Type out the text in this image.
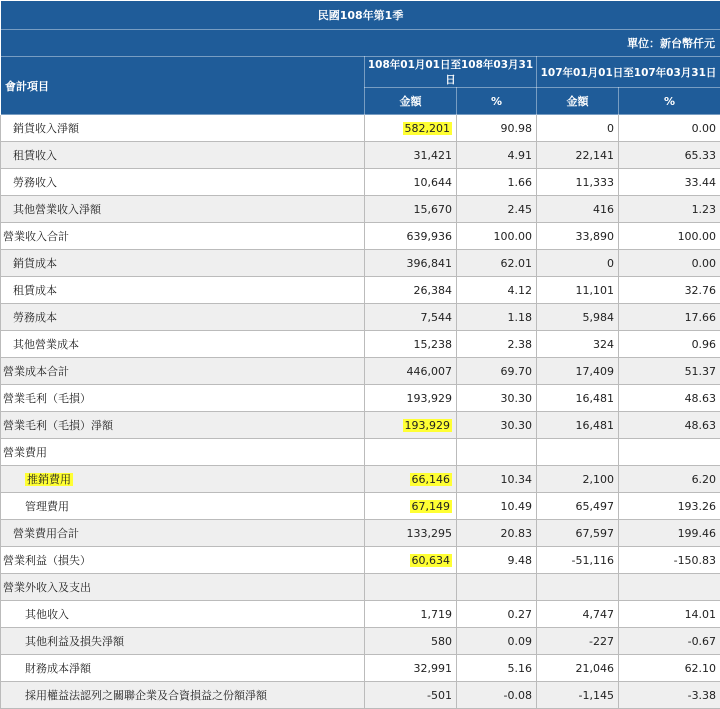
民國108年第1季				
單位：新台幣仟元				
會計項目	108年01月01日至108年03月31日		107年01月01日至107年03月31日	
	金額	%	金額	%
銷貨收入淨額	582,201	90.98	0	0.00
租賃收入	31,421	4.91	22,141	65.33
勞務收入	10,644	1.66	11,333	33.44
其他營業收入淨額	15,670	2.45	416	1.23
營業收入合計	639,936	100.00	33,890	100.00
銷貨成本	396,841	62.01	0	0.00
租賃成本	26,384	4.12	11,101	32.76
勞務成本	7,544	1.18	5,984	17.66
其他營業成本	15,238	2.38	324	0.96
營業成本合計	446,007	69.70	17,409	51.37
營業毛利（毛損）	193,929	30.30	16,481	48.63
營業毛利（毛損）淨額	193,929	30.30	16,481	48.63
營業費用				
推銷費用	66,146	10.34	2,100	6.20
管理費用	67,149	10.49	65,497	193.26
營業費用合計	133,295	20.83	67,597	199.46
營業利益（損失）	60,634	9.48	-51,116	-150.83
營業外收入及支出				
其他收入	1,719	0.27	4,747	14.01
其他利益及損失淨額	580	0.09	-227	-0.67
財務成本淨額	32,991	5.16	21,046	62.10
採用權益法認列之關聯企業及合資損益之份額淨額	-501	-0.08	-1,145	-3.38
